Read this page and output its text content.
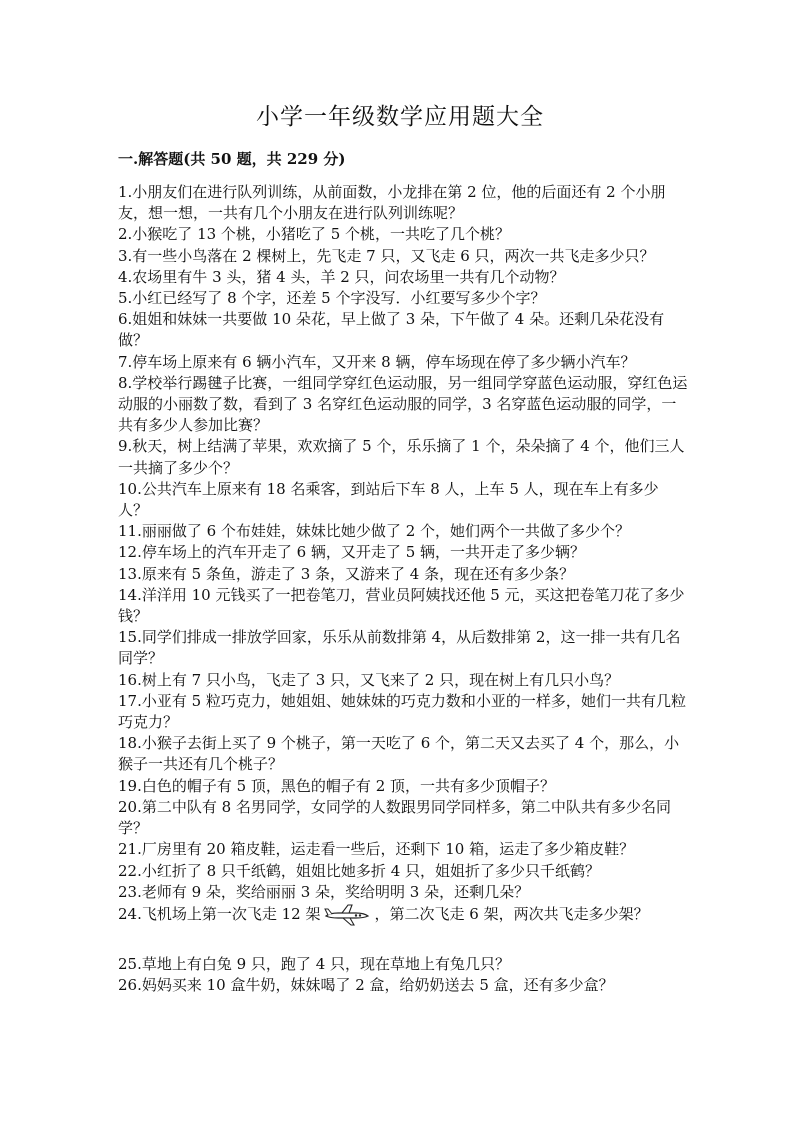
小学一年级数学应用题大全
一.解答题(共 50 题，共 229 分)

1.小朋友们在进行队列训练，从前面数，小龙排在第 2 位，他的后面还有 2 个小朋友，想一想，一共有几个小朋友在进行队列训练呢？

2.小猴吃了 13 个桃，小猪吃了 5 个桃，一共吃了几个桃？

3.有一些小鸟落在 2 棵树上，先飞走 7 只，又飞走 6 只，两次一共飞走多少只？

4.农场里有牛 3 头，猪 4 头，羊 2 只，问农场里一共有几个动物？

5.小红已经写了 8 个字，还差 5 个字没写．小红要写多少个字？

6.姐姐和妹妹一共要做 10 朵花，早上做了 3 朵，下午做了 4 朵。还剩几朵花没有做？

7.停车场上原来有 6 辆小汽车，又开来 8 辆，停车场现在停了多少辆小汽车？

8.学校举行踢毽子比赛，一组同学穿红色运动服，另一组同学穿蓝色运动服，穿红色运动服的小丽数了数，看到了 3 名穿红色运动服的同学，3 名穿蓝色运动服的同学，一共有多少人参加比赛？

9.秋天，树上结满了苹果，欢欢摘了 5 个，乐乐摘了 1 个，朵朵摘了 4 个，他们三人一共摘了多少个？

10.公共汽车上原来有 18 名乘客，到站后下车 8 人，上车 5 人，现在车上有多少人？

11.丽丽做了 6 个布娃娃，妹妹比她少做了 2 个，她们两个一共做了多少个？

12.停车场上的汽车开走了 6 辆，又开走了 5 辆，一共开走了多少辆？

13.原来有 5 条鱼，游走了 3 条，又游来了 4 条，现在还有多少条？

14.洋洋用 10 元钱买了一把卷笔刀，营业员阿姨找还他 5 元，买这把卷笔刀花了多少钱？

15.同学们排成一排放学回家，乐乐从前数排第 4，从后数排第 2，这一排一共有几名同学？

16.树上有 7 只小鸟，飞走了 3 只，又飞来了 2 只，现在树上有几只小鸟？

17.小亚有 5 粒巧克力，她姐姐、她妹妹的巧克力数和小亚的一样多，她们一共有几粒巧克力？

18.小猴子去街上买了 9 个桃子，第一天吃了 6 个，第二天又去买了 4 个，那么，小猴子一共还有几个桃子？

19.白色的帽子有 5 顶，黑色的帽子有 2 顶，一共有多少顶帽子？

20.第二中队有 8 名男同学，女同学的人数跟男同学同样多，第二中队共有多少名同学？

21.厂房里有 20 箱皮鞋，运走看一些后，还剩下 10 箱，运走了多少箱皮鞋？

22.小红折了 8 只千纸鹤，姐姐比她多折 4 只，姐姐折了多少只千纸鹤？

23.老师有 9 朵，奖给丽丽 3 朵，奖给明明 3 朵，还剩几朵？

24.飞机场上第一次飞走 12 架	，第二次飞走 6 架，两次共飞走多少架？

25.草地上有白兔 9 只，跑了 4 只，现在草地上有兔几只？

26.妈妈买来 10 盒牛奶，妹妹喝了 2 盒，给奶奶送去 5 盒，还有多少盒？
